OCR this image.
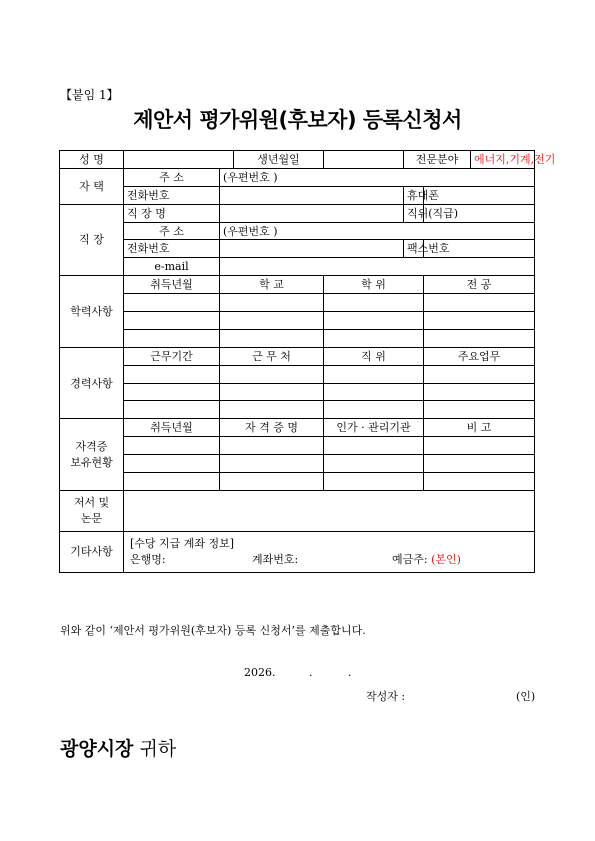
【붙임 1】
제안서 평가위원(후보자) 등록신청서
성 명			생년월일		전문분야		에너지,기계,전기
자 택	주 소	(우편번호 )					
	전화번호				휴대폰		
직 장	직 장 명				직위(직급)		
	주 소	(우편번호 )					
	전화번호				팩스번호		
	e-mail						
학력사항	취득년월	학 교		학 위		전 공	

경력사항	근무기간	근 무 처		직 위		주요업무	

자격증
보유현황	취득년월	자 격 증 명		인가 · 관리기관		비 고	

저서 및
논문							
기타사항	[수당 지급 계좌 정보]
은행명: 계좌번호: 예금주: (본인)						
위와 같이 ‘제안서 평가위원(후보자) 등록 신청서’를 제출합니다.
2026.	.	.
작성자 :	(인)
광양시장 귀하
